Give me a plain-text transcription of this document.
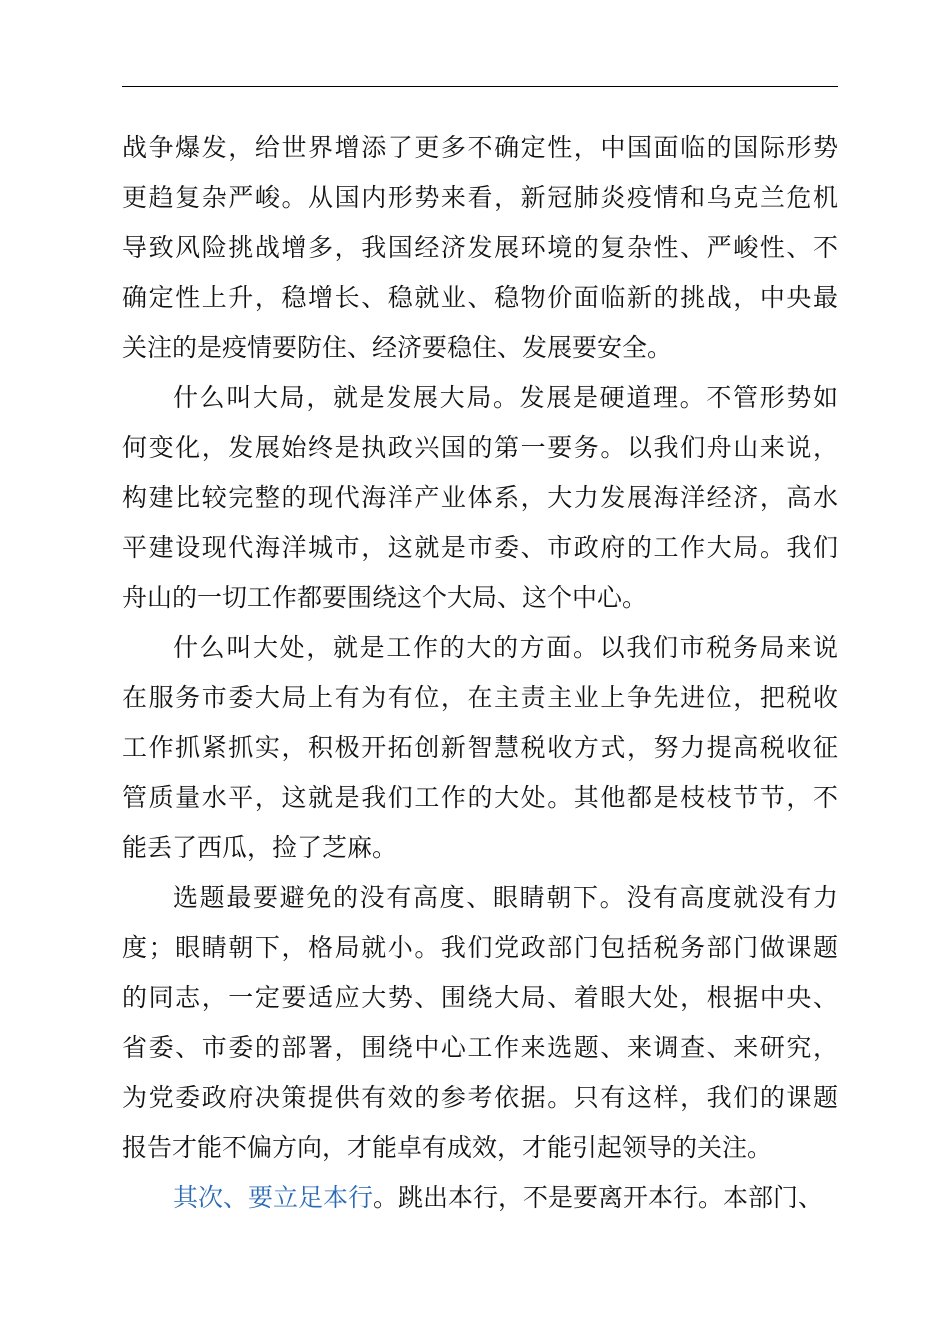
战争爆发，给世界增添了更多不确定性，中国面临的国际形势
更趋复杂严峻。从国内形势来看，新冠肺炎疫情和乌克兰危机
导致风险挑战增多，我国经济发展环境的复杂性、严峻性、不
确定性上升，稳增长、稳就业、稳物价面临新的挑战，中央最
关注的是疫情要防住、经济要稳住、发展要安全。
什么叫大局，就是发展大局。发展是硬道理。不管形势如
何变化，发展始终是执政兴国的第一要务。以我们舟山来说，
构建比较完整的现代海洋产业体系，大力发展海洋经济，高水
平建设现代海洋城市，这就是市委、市政府的工作大局。我们
舟山的一切工作都要围绕这个大局、这个中心。
什么叫大处，就是工作的大的方面。以我们市税务局来说
在服务市委大局上有为有位，在主责主业上争先进位，把税收
工作抓紧抓实，积极开拓创新智慧税收方式，努力提高税收征
管质量水平，这就是我们工作的大处。其他都是枝枝节节，不
能丢了西瓜，捡了芝麻。
选题最要避免的没有高度、眼睛朝下。没有高度就没有力
度；眼睛朝下，格局就小。我们党政部门包括税务部门做课题
的同志，一定要适应大势、围绕大局、着眼大处，根据中央、
省委、市委的部署，围绕中心工作来选题、来调查、来研究，
为党委政府决策提供有效的参考依据。只有这样，我们的课题
报告才能不偏方向，才能卓有成效，才能引起领导的关注。
其次、要立足本行。跳出本行，不是要离开本行。本部门、
